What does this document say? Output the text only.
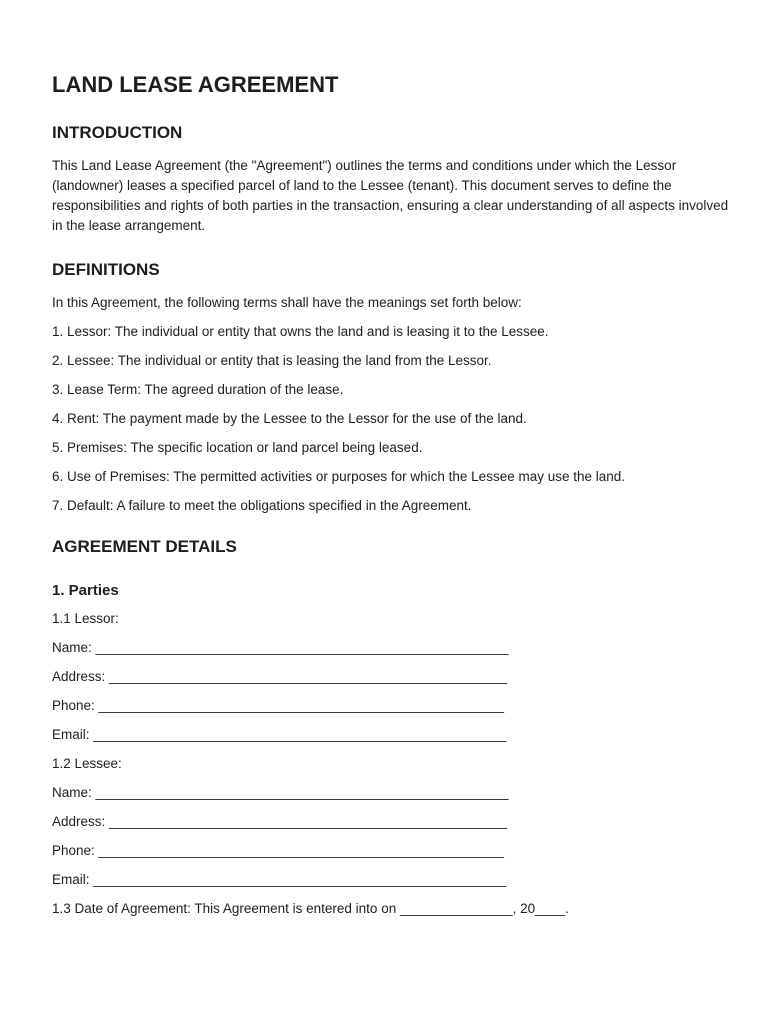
LAND LEASE AGREEMENT
INTRODUCTION

This Land Lease Agreement (the "Agreement") outlines the terms and conditions under which the Lessor (landowner) leases a specified parcel of land to the Lessee (tenant). This document serves to define the responsibilities and rights of both parties in the transaction, ensuring a clear understanding of all aspects involved in the lease arrangement.

DEFINITIONS

In this Agreement, the following terms shall have the meanings set forth below:

1. Lessor: The individual or entity that owns the land and is leasing it to the Lessee.

2. Lessee: The individual or entity that is leasing the land from the Lessor.

3. Lease Term: The agreed duration of the lease.

4. Rent: The payment made by the Lessee to the Lessor for the use of the land.

5. Premises: The specific location or land parcel being leased.

6. Use of Premises: The permitted activities or purposes for which the Lessee may use the land.

7. Default: A failure to meet the obligations specified in the Agreement.

AGREEMENT DETAILS
1. Parties

1.1 Lessor:

Name: _______________________________________________________

Address: _____________________________________________________

Phone: ______________________________________________________

Email: _______________________________________________________

1.2 Lessee:

Name: _______________________________________________________

Address: _____________________________________________________

Phone: ______________________________________________________

Email: _______________________________________________________

1.3 Date of Agreement: This Agreement is entered into on _______________, 20____.
